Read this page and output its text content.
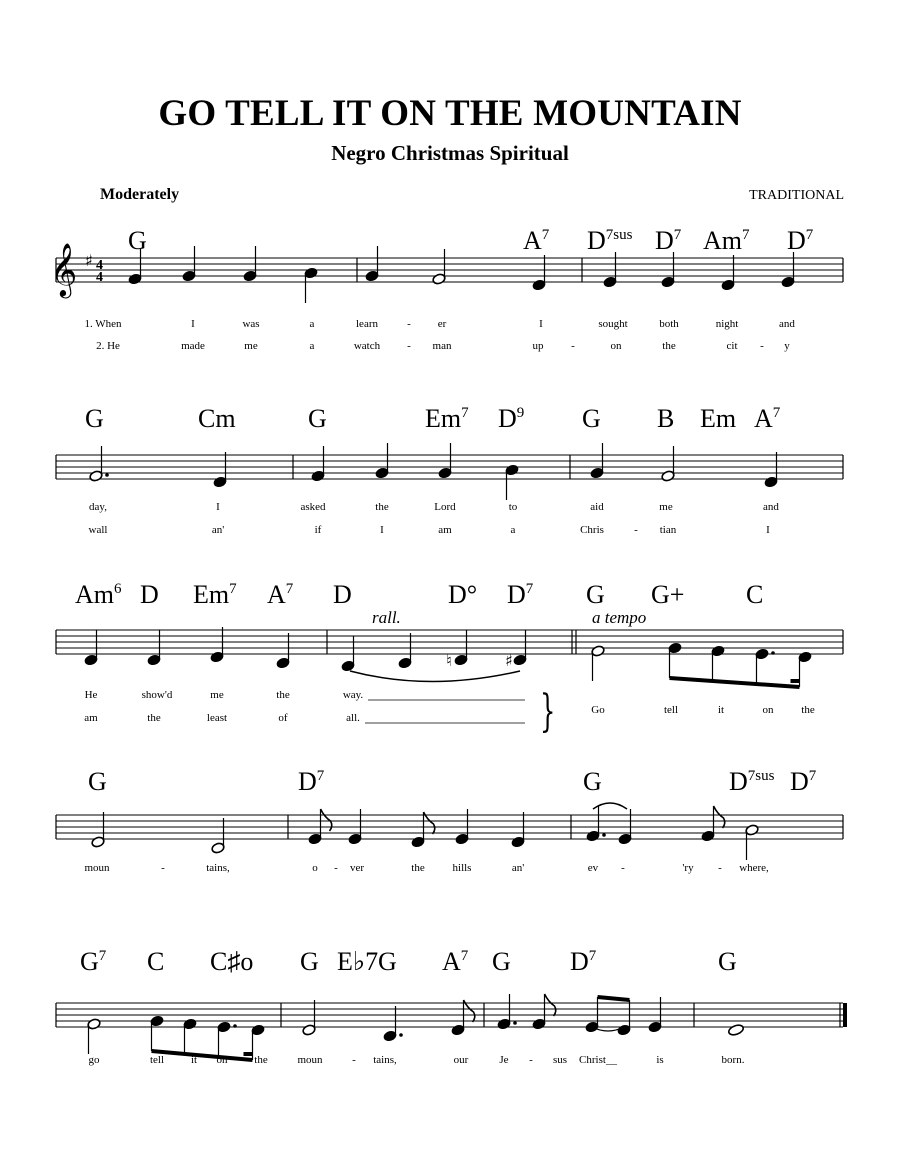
GO TELL IT ON THE MOUNTAIN
Negro Christmas Spiritual
Moderately	TRADITIONAL
𝄞 ♯ 4
4
1. When	I	was	a	learn	- er	I	sought	both	night	and
2. He	made	me	a	watch - man	up	-	on	the	cit - y
G	$A^7$ $D^{7sus}$ $D^7$ Am$^7$ $D^7$
day,	I	asked	the	Lord	to	aid	me	and
wall	an'	if	I	am	a	Chris	- tian	I
G	Cm	G	Em$^7$ $D^9$ G B Em $A^7$
♮	♯
He	show'd	me	the	way.
am	the	least	of	all.
Go	tell	it	on	the
Am$^6$ D Em$^7$ $A^7$ D	D° $D^7$ G G+ C
moun	-	tains,	o - ver	the	hills	an'	ev -	'ry - where,
G	$D^7$	G	$D^{7sus}$ $D^7$
go	tell it on the	moun	- tains,	our	Je - sus Christ__	is	born.
$G^7$ C C♯o G E♭7 G $A^7$ G $D^7$	G
rall.	a tempo
}
